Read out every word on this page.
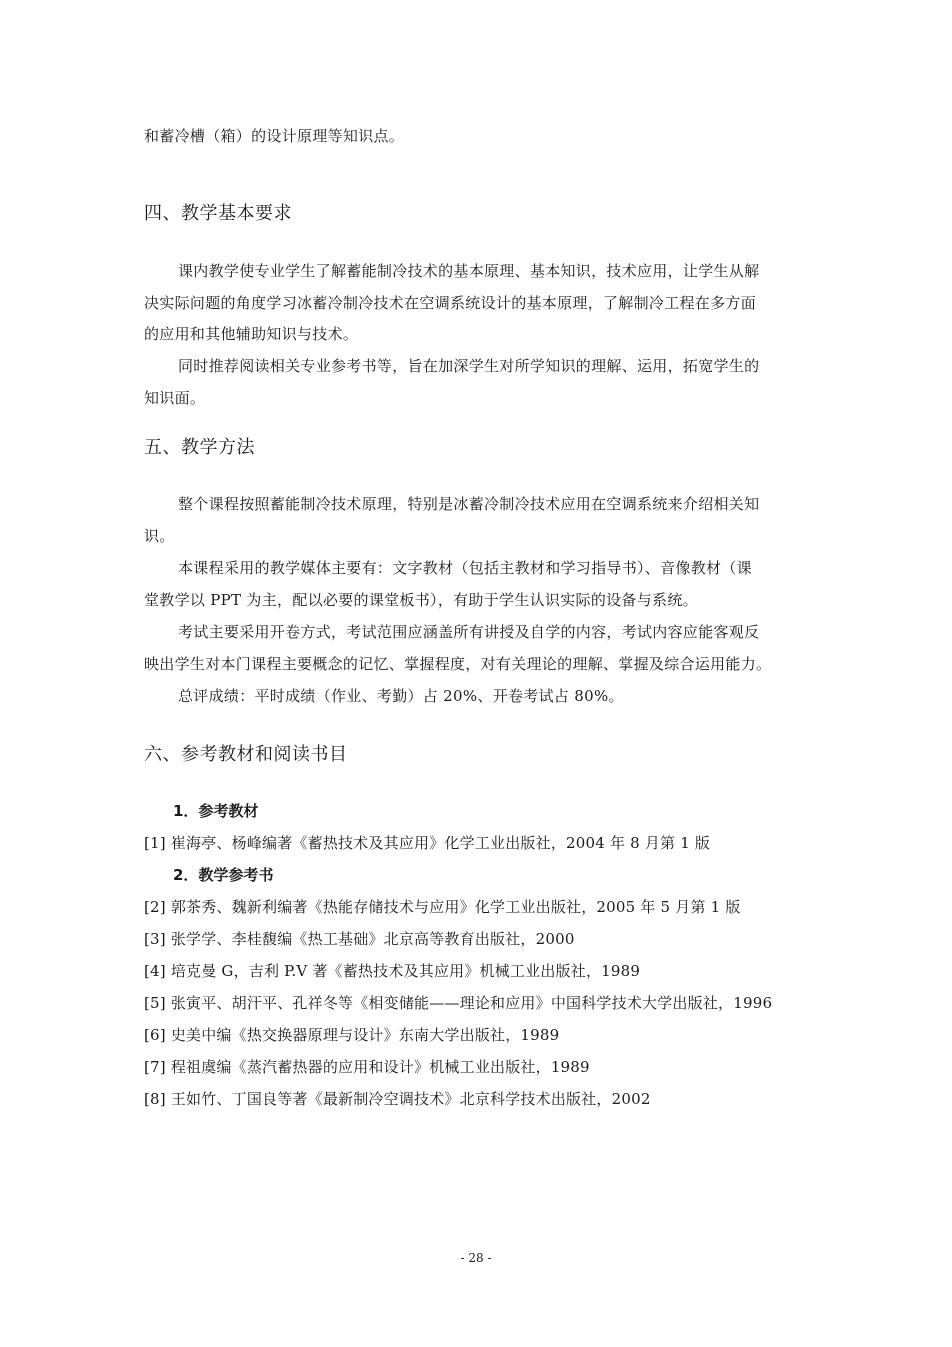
和蓄冷槽（箱）的设计原理等知识点。
四、教学基本要求
课内教学使专业学生了解蓄能制冷技术的基本原理、基本知识，技术应用，让学生从解
决实际问题的角度学习冰蓄冷制冷技术在空调系统设计的基本原理，了解制冷工程在多方面
的应用和其他辅助知识与技术。
同时推荐阅读相关专业参考书等，旨在加深学生对所学知识的理解、运用，拓宽学生的
知识面。
五、教学方法
整个课程按照蓄能制冷技术原理，特别是冰蓄冷制冷技术应用在空调系统来介绍相关知
识。
本课程采用的教学媒体主要有：文字教材（包括主教材和学习指导书）、音像教材（课
堂教学以 PPT 为主，配以必要的课堂板书），有助于学生认识实际的设备与系统。
考试主要采用开卷方式，考试范围应涵盖所有讲授及自学的内容，考试内容应能客观反
映出学生对本门课程主要概念的记忆、掌握程度，对有关理论的理解、掌握及综合运用能力。
总评成绩：平时成绩（作业、考勤）占 20%、开卷考试占 80%。
六、参考教材和阅读书目
1．参考教材
[1] 崔海亭、杨峰编著《蓄热技术及其应用》化学工业出版社，2004 年 8 月第 1 版
2．教学参考书
[2] 郭茶秀、魏新利编著《热能存储技术与应用》化学工业出版社，2005 年 5 月第 1 版
[3] 张学学、李桂馥编《热工基础》北京高等教育出版社，2000
[4] 培克曼 G，吉利 P.V 著《蓄热技术及其应用》机械工业出版社，1989
[5] 张寅平、胡汗平、孔祥冬等《相变储能——理论和应用》中国科学技术大学出版社，1996
[6] 史美中编《热交换器原理与设计》东南大学出版社，1989
[7] 程祖虞编《蒸汽蓄热器的应用和设计》机械工业出版社，1989
[8] 王如竹、丁国良等著《最新制冷空调技术》北京科学技术出版社，2002
- 28 -
